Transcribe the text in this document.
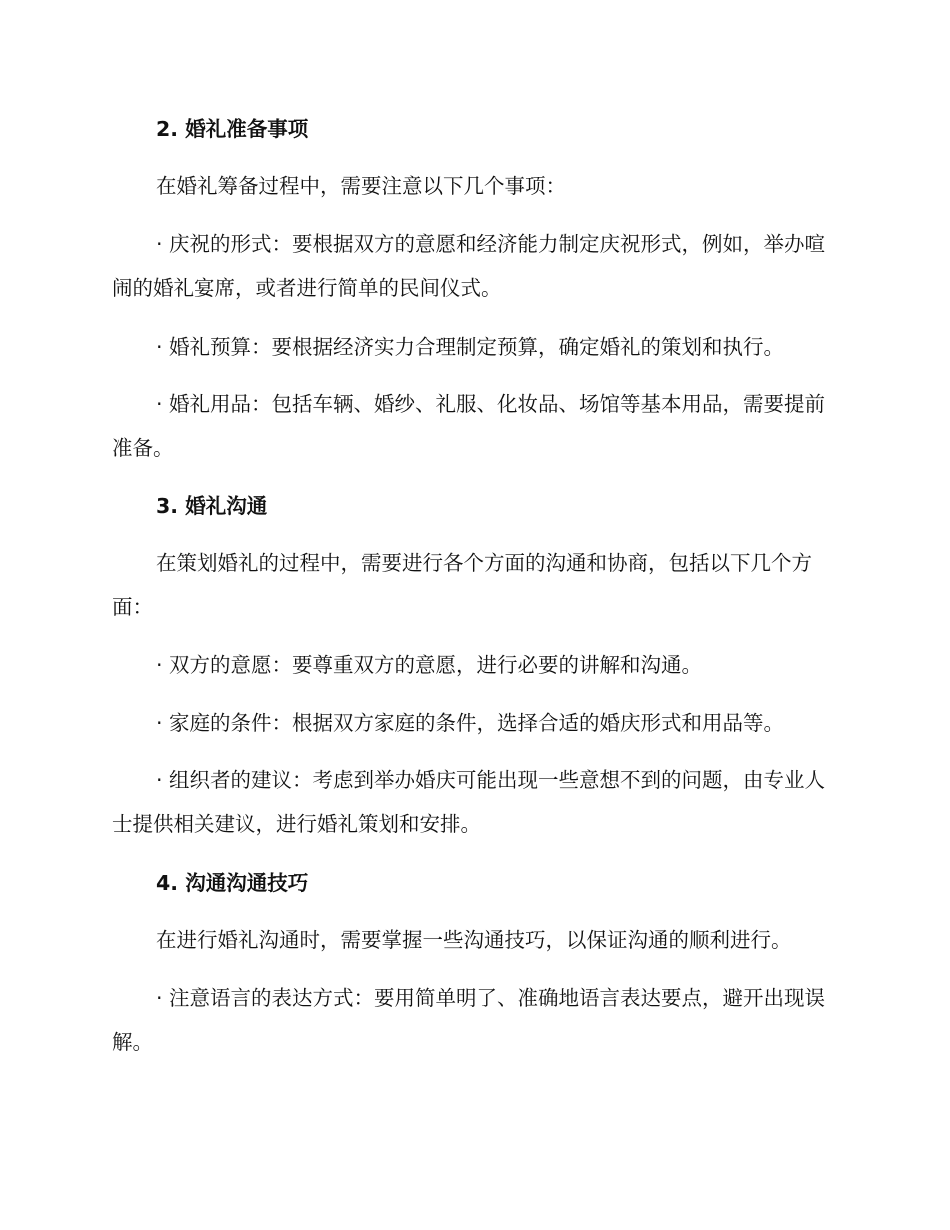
2. 婚礼准备事项

在婚礼筹备过程中，需要注意以下几个事项：

· 庆祝的形式：要根据双方的意愿和经济能力制定庆祝形式，例如，举办喧闹的婚礼宴席，或者进行简单的民间仪式。

· 婚礼预算：要根据经济实力合理制定预算，确定婚礼的策划和执行。

· 婚礼用品：包括车辆、婚纱、礼服、化妆品、场馆等基本用品，需要提前准备。

3. 婚礼沟通

在策划婚礼的过程中，需要进行各个方面的沟通和协商，包括以下几个方面：

· 双方的意愿：要尊重双方的意愿，进行必要的讲解和沟通。

· 家庭的条件：根据双方家庭的条件，选择合适的婚庆形式和用品等。

· 组织者的建议：考虑到举办婚庆可能出现一些意想不到的问题，由专业人士提供相关建议，进行婚礼策划和安排。

4. 沟通沟通技巧

在进行婚礼沟通时，需要掌握一些沟通技巧，以保证沟通的顺利进行。

· 注意语言的表达方式：要用简单明了、准确地语言表达要点，避开出现误解。
